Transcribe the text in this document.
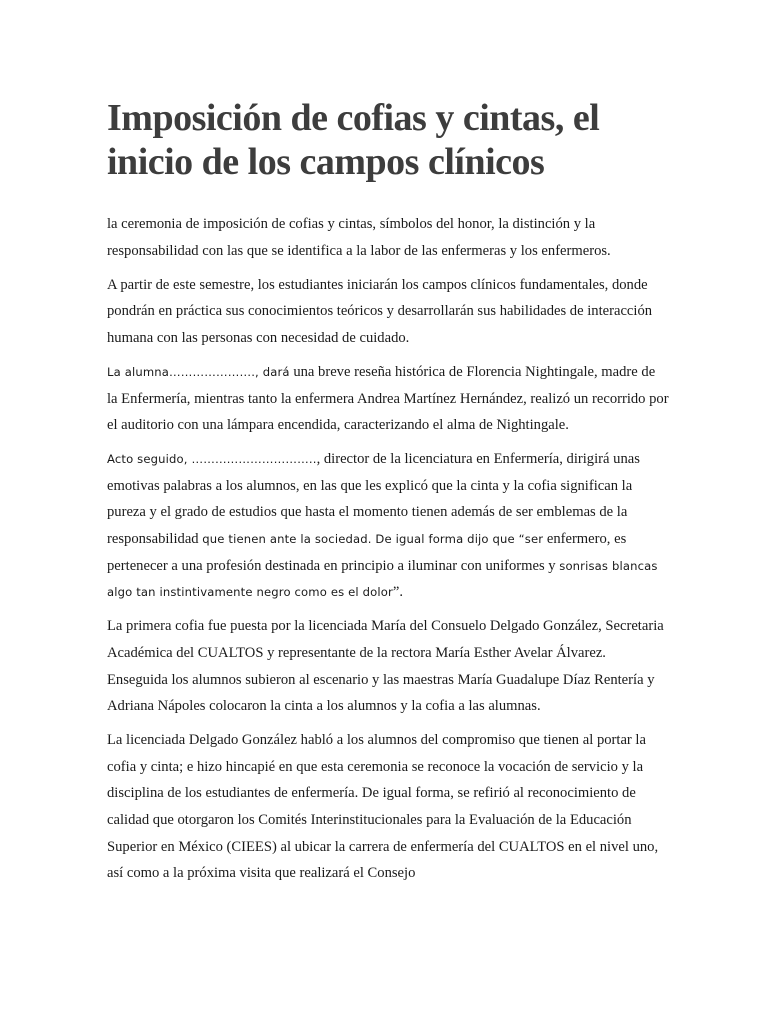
Imposición de cofias y cintas, el
inicio de los campos clínicos

la ceremonia de imposición de cofias y cintas, símbolos del honor, la distinción y la responsabilidad con las que se identifica a la labor de las enfermeras y los enfermeros.

A partir de este semestre, los estudiantes iniciarán los campos clínicos fundamentales, donde pondrán en práctica sus conocimientos teóricos y desarrollarán sus habilidades de interacción humana con las personas con necesidad de cuidado.

La alumna…………………., dará una breve reseña histórica de Florencia Nightingale, madre de la Enfermería, mientras tanto la enfermera Andrea Martínez Hernández, realizó un recorrido por el auditorio con una lámpara encendida, caracterizando el alma de Nightingale.

Acto seguido, ………………………….., director de la licenciatura en Enfermería, dirigirá unas emotivas palabras a los alumnos, en las que les explicó que la cinta y la cofia significan la pureza y el grado de estudios que hasta el momento tienen además de ser emblemas de la responsabilidad que tienen ante la sociedad. De igual forma dijo que “ser enfermero, es pertenecer a una profesión destinada en principio a iluminar con uniformes y sonrisas blancas algo tan instintivamente negro como es el dolor”.

La primera cofia fue puesta por la licenciada María del Consuelo Delgado González, Secretaria Académica del CUALTOS y representante de la rectora María Esther Avelar Álvarez. Enseguida los alumnos subieron al escenario y las maestras María Guadalupe Díaz Rentería y Adriana Nápoles colocaron la cinta a los alumnos y la cofia a las alumnas.

La licenciada Delgado González habló a los alumnos del compromiso que tienen al portar la cofia y cinta; e hizo hincapié en que esta ceremonia se reconoce la vocación de servicio y la disciplina de los estudiantes de enfermería. De igual forma, se refirió al reconocimiento de calidad que otorgaron los Comités Interinstitucionales para la Evaluación de la Educación Superior en México (CIEES) al ubicar la carrera de enfermería del CUALTOS en el nivel uno, así como a la próxima visita que realizará el Consejo
